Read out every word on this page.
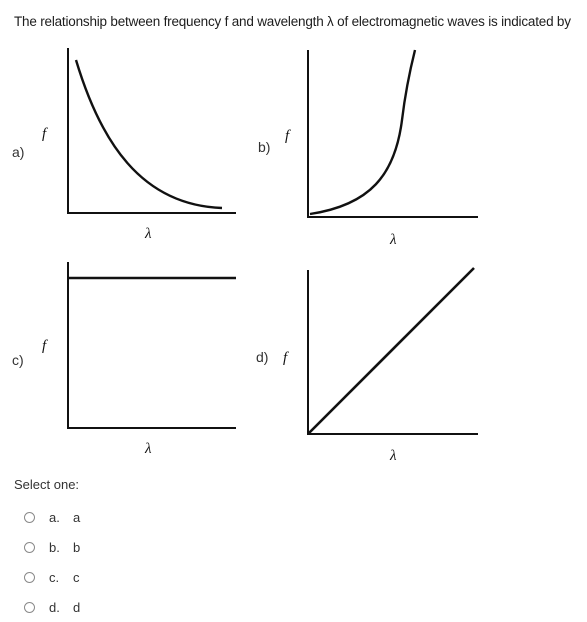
The relationship between frequency f and wavelength λ of electromagnetic waves is indicated by
a)
f
λ
b)
f
λ
c)
f
λ
d) f
λ
Select one:
a.	a
b.	b
c.	c
d.	d
